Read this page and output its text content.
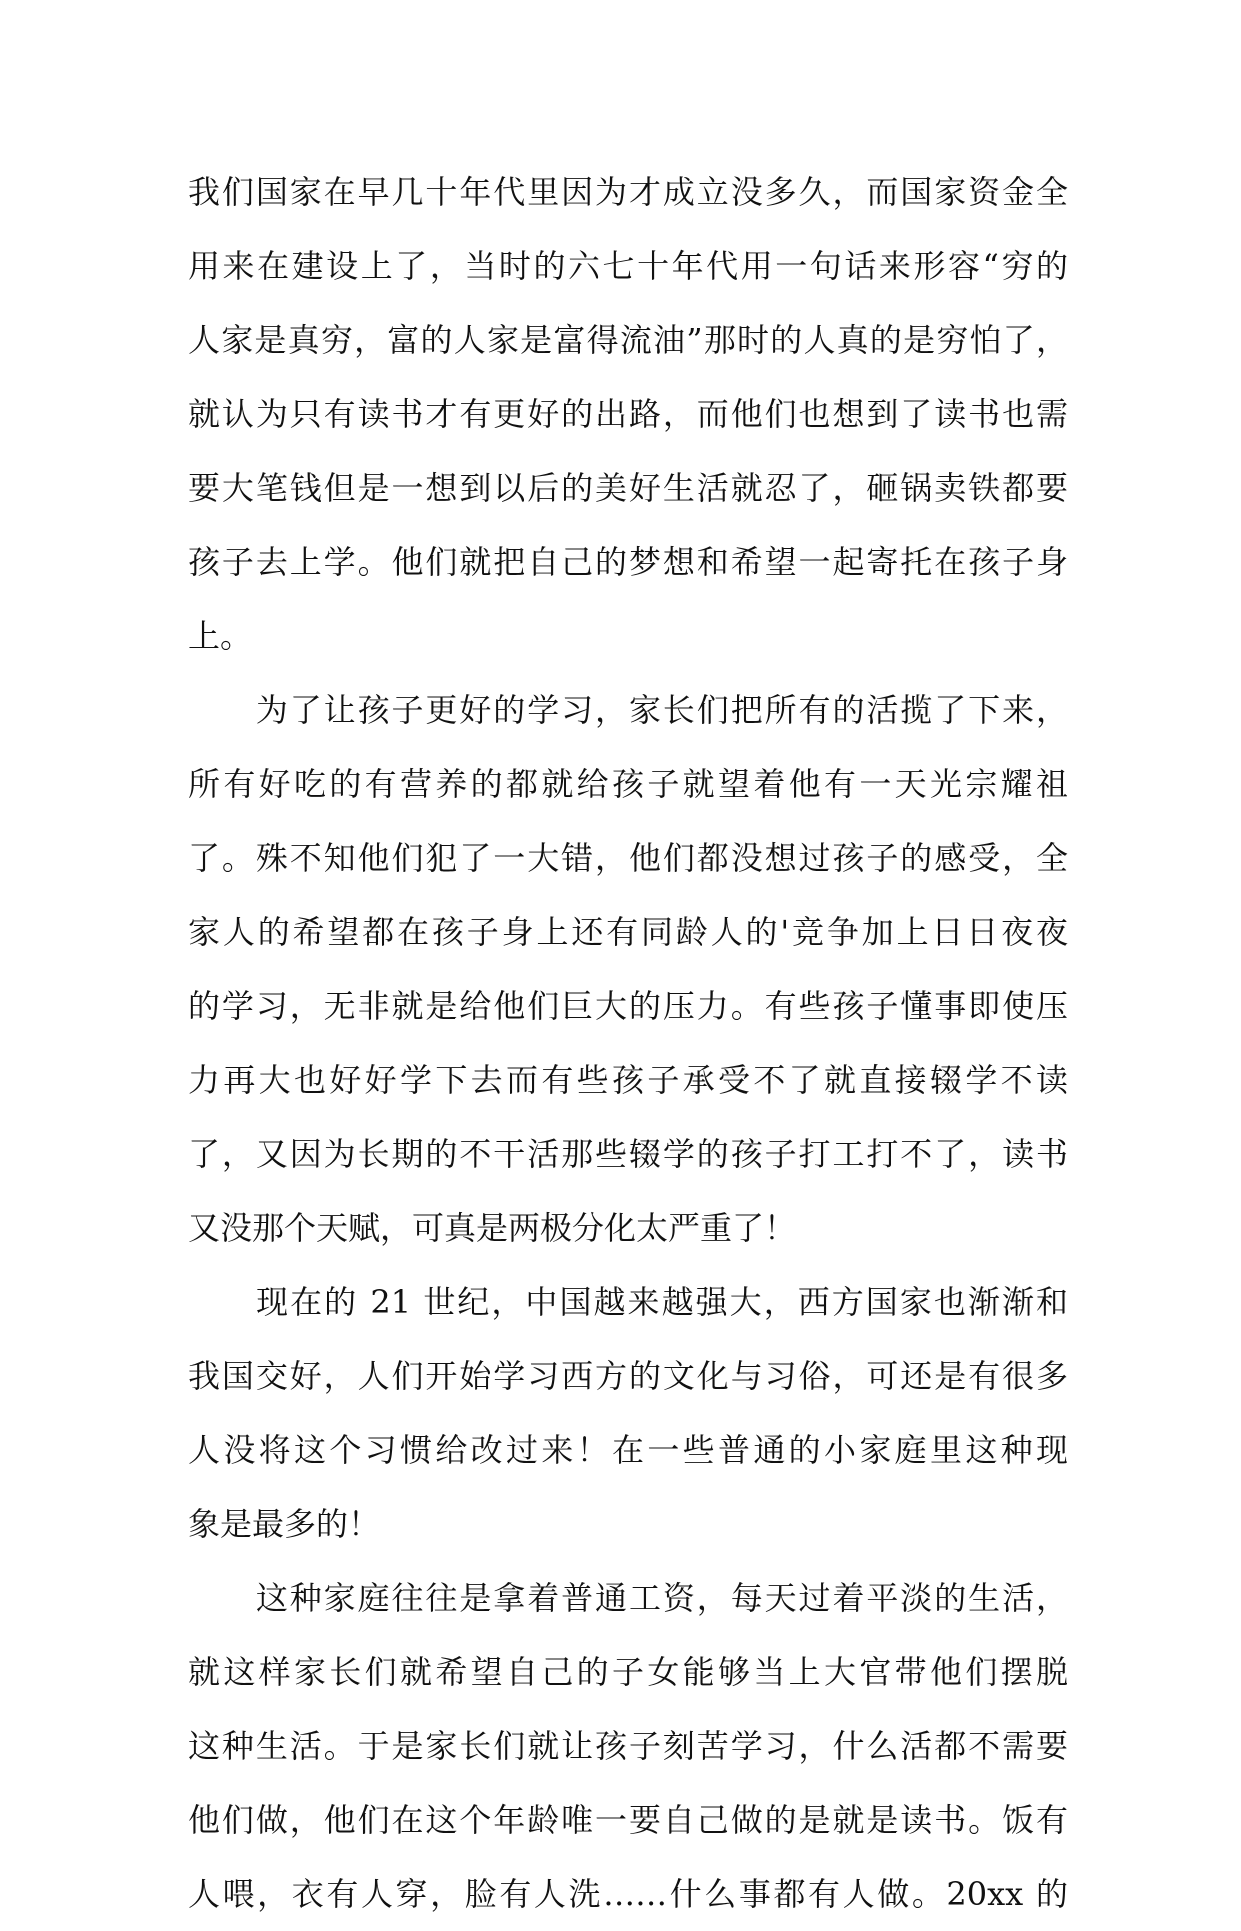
我们国家在早几十年代里因为才成立没多久，而国家资金全
用来在建设上了，当时的六七十年代用一句话来形容“穷的
人家是真穷，富的人家是富得流油”那时的人真的是穷怕了，
就认为只有读书才有更好的出路，而他们也想到了读书也需
要大笔钱但是一想到以后的美好生活就忍了，砸锅卖铁都要
孩子去上学。他们就把自己的梦想和希望一起寄托在孩子身
上。
　　为了让孩子更好的学习，家长们把所有的活揽了下来，
所有好吃的有营养的都就给孩子就望着他有一天光宗耀祖
了。殊不知他们犯了一大错，他们都没想过孩子的感受，全
家人的希望都在孩子身上还有同龄人的'竞争加上日日夜夜
的学习，无非就是给他们巨大的压力。有些孩子懂事即使压
力再大也好好学下去而有些孩子承受不了就直接辍学不读
了，又因为长期的不干活那些辍学的孩子打工打不了，读书
又没那个天赋，可真是两极分化太严重了！
　　现在的 21 世纪，中国越来越强大，西方国家也渐渐和
我国交好，人们开始学习西方的文化与习俗，可还是有很多
人没将这个习惯给改过来！在一些普通的小家庭里这种现
象是最多的！
　　这种家庭往往是拿着普通工资，每天过着平淡的生活，
就这样家长们就希望自己的子女能够当上大官带他们摆脱
这种生活。于是家长们就让孩子刻苦学习，什么活都不需要
他们做，他们在这个年龄唯一要自己做的是就是读书。饭有
人喂，衣有人穿，脸有人洗……什么事都有人做。20xx 的
